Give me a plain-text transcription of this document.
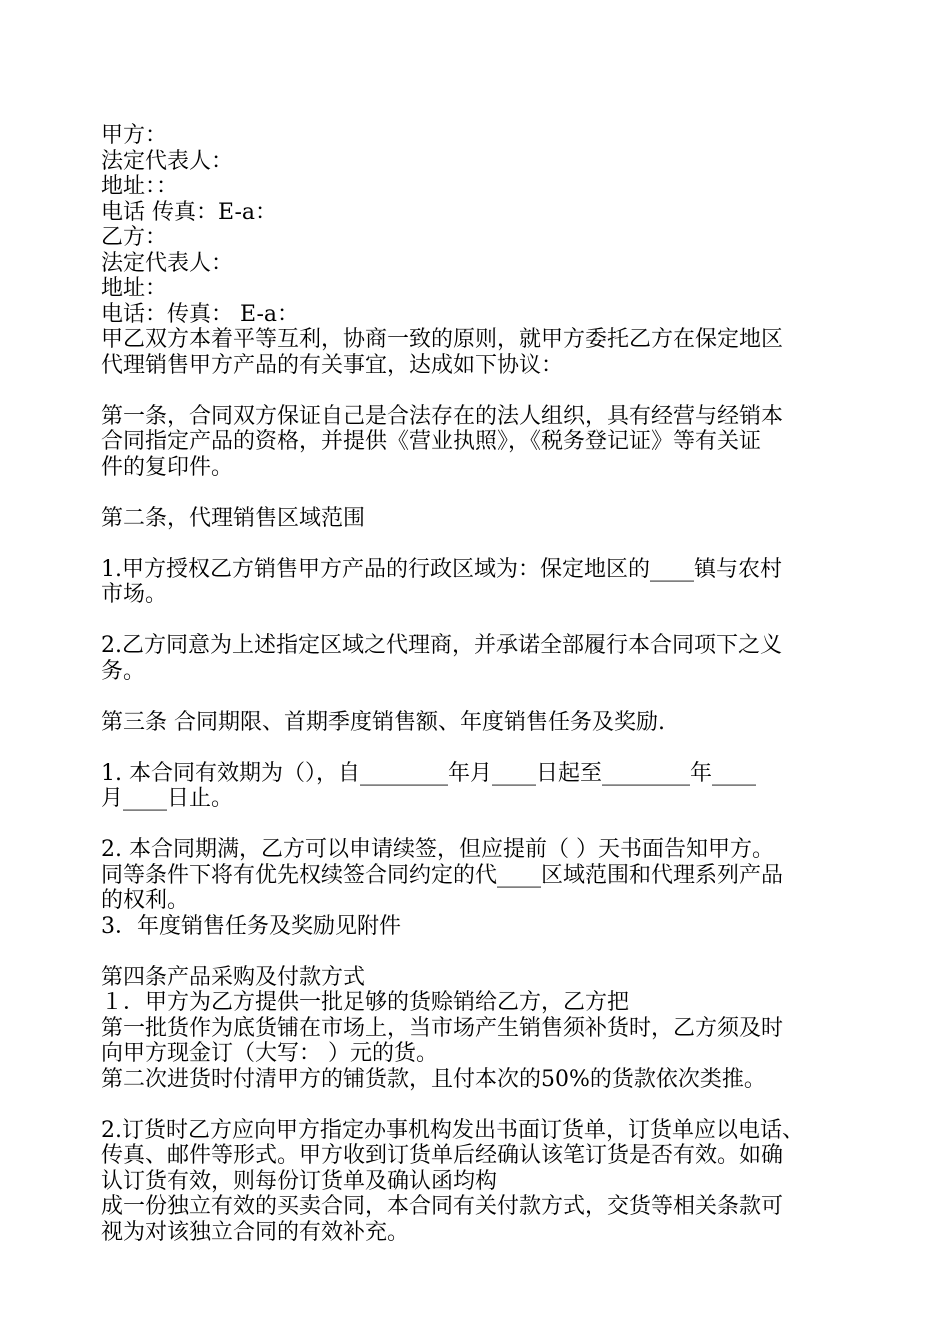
甲方：
法定代表人：
地址：：
电话 传真：E-a：
乙方：
法定代表人：
地址：
电话：传真： E-a：
甲乙双方本着平等互利，协商一致的原则，就甲方委托乙方在保定地区
代理销售甲方产品的有关事宜，达成如下协议：
第一条，合同双方保证自己是合法存在的法人组织，具有经营与经销本
合同指定产品的资格，并提供《营业执照》，《税务登记证》等有关证
件的复印件。
第二条，代理销售区域范围
1.甲方授权乙方销售甲方产品的行政区域为：保定地区的____镇与农村
市场。
2.乙方同意为上述指定区域之代理商，并承诺全部履行本合同项下之义
务。
第三条 合同期限、首期季度销售额、年度销售任务及奖励.
1. 本合同有效期为（），自________年月____日起至________年____
月____日止。
2. 本合同期满，乙方可以申请续签，但应提前（ ）天书面告知甲方。
同等条件下将有优先权续签合同约定的代____区域范围和代理系列产品
的权利。
3．年度销售任务及奖励见附件
第四条产品采购及付款方式
１．甲方为乙方提供一批足够的货赊销给乙方，乙方把
第一批货作为底货铺在市场上，当市场产生销售须补货时，乙方须及时
向甲方现金订（大写： ）元的货。
第二次进货时付清甲方的铺货款，且付本次的50%的货款依次类推。
2.订货时乙方应向甲方指定办事机构发出书面订货单，订货单应以电话、
传真、邮件等形式。甲方收到订货单后经确认该笔订货是否有效。如确
认订货有效，则每份订货单及确认函均构
成一份独立有效的买卖合同，本合同有关付款方式，交货等相关条款可
视为对该独立合同的有效补充。
